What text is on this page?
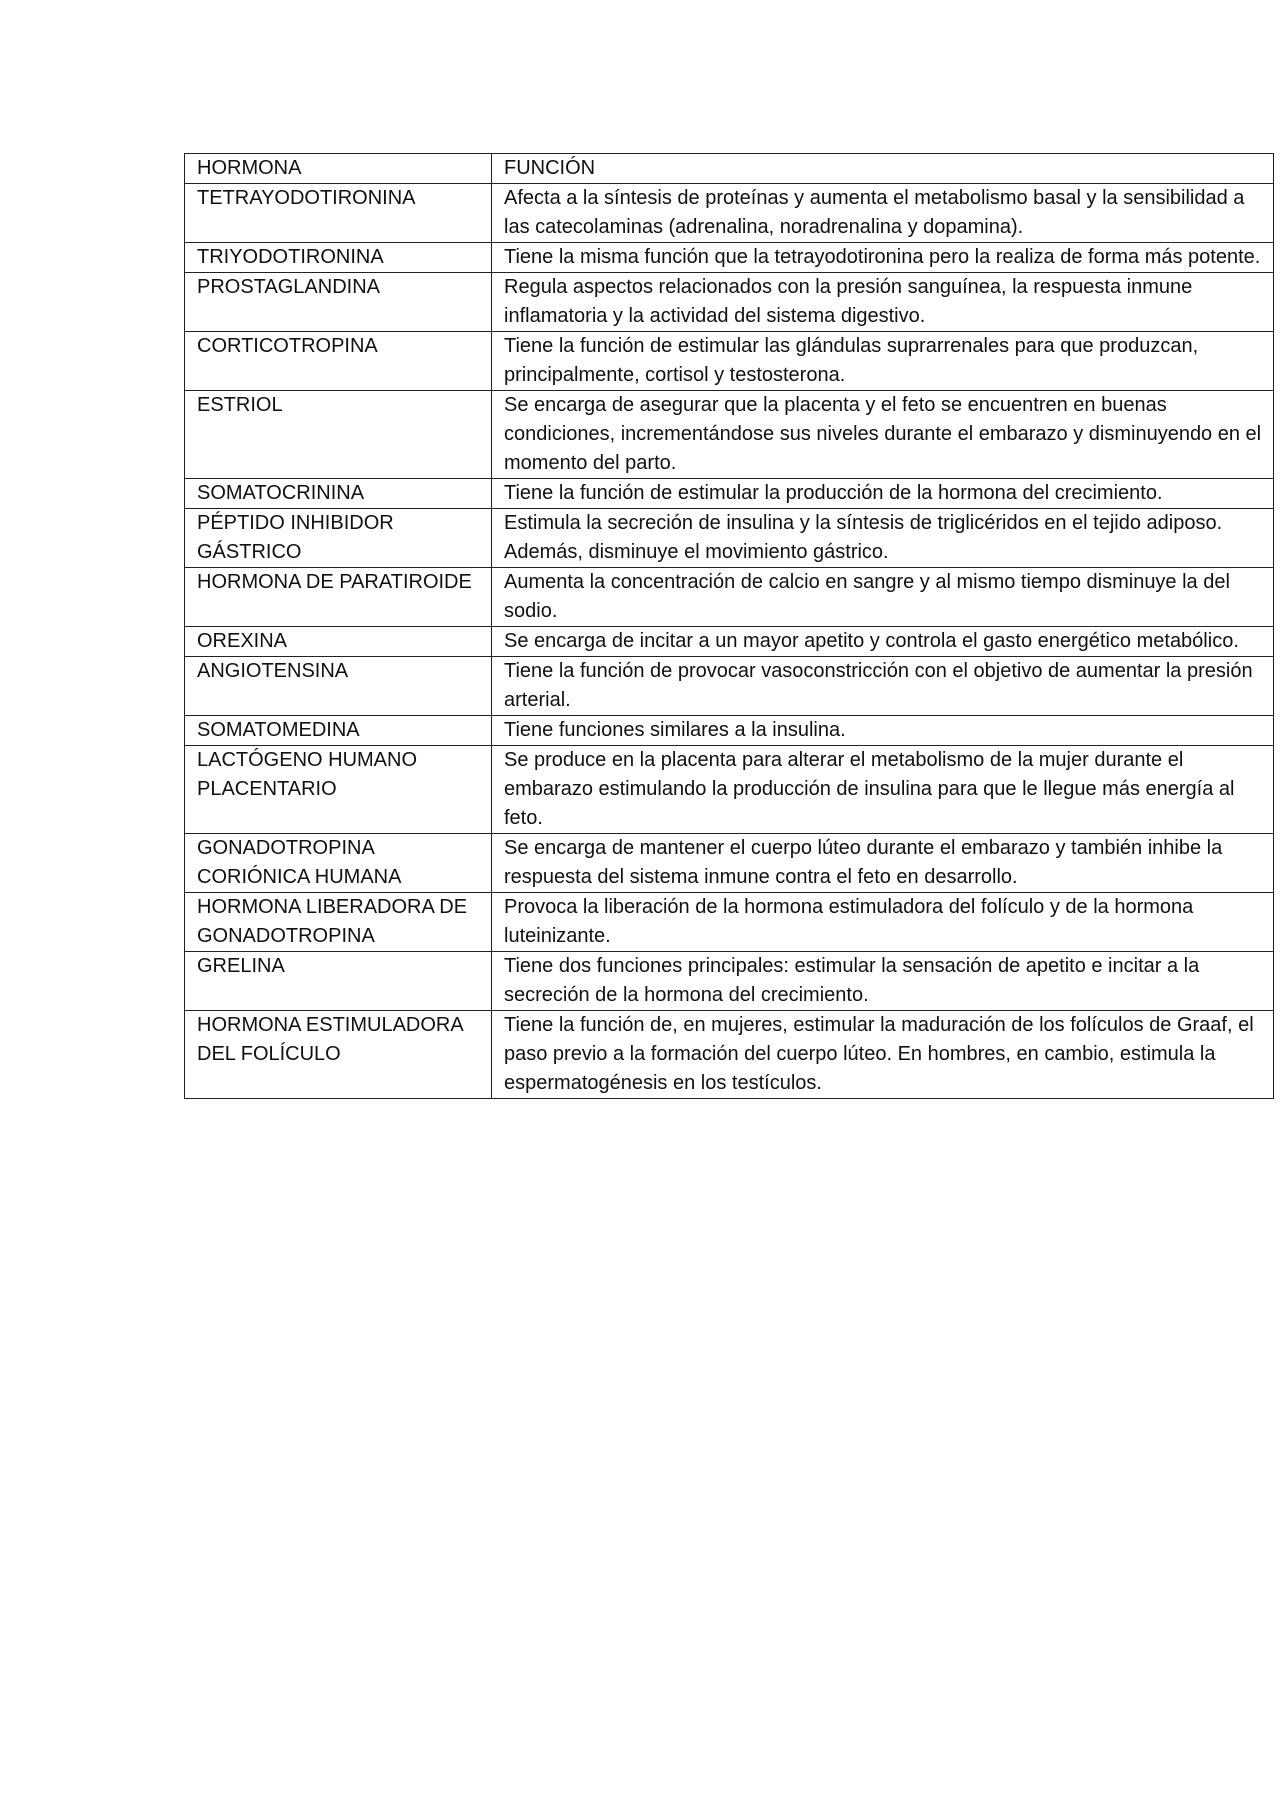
HORMONA	FUNCIÓN
TETRAYODOTIRONINA	Afecta a la síntesis de proteínas y aumenta el metabolismo basal y la sensibilidad a las catecolaminas (adrenalina, noradrenalina y dopamina).
TRIYODOTIRONINA	Tiene la misma función que la tetrayodotironina pero la realiza de forma más potente.
PROSTAGLANDINA	Regula aspectos relacionados con la presión sanguínea, la respuesta inmune inflamatoria y la actividad del sistema digestivo.
CORTICOTROPINA	Tiene la función de estimular las glándulas suprarrenales para que produzcan, principalmente, cortisol y testosterona.
ESTRIOL	Se encarga de asegurar que la placenta y el feto se encuentren en buenas condiciones, incrementándose sus niveles durante el embarazo y disminuyendo en el momento del parto.
SOMATOCRININA	Tiene la función de estimular la producción de la hormona del crecimiento.
PÉPTIDO INHIBIDOR GÁSTRICO	Estimula la secreción de insulina y la síntesis de triglicéridos en el tejido adiposo. Además, disminuye el movimiento gástrico.
HORMONA DE PARATIROIDE	Aumenta la concentración de calcio en sangre y al mismo tiempo disminuye la del sodio.
OREXINA	Se encarga de incitar a un mayor apetito y controla el gasto energético metabólico.
ANGIOTENSINA	Tiene la función de provocar vasoconstricción con el objetivo de aumentar la presión arterial.
SOMATOMEDINA	Tiene funciones similares a la insulina.
LACTÓGENO HUMANO PLACENTARIO	Se produce en la placenta para alterar el metabolismo de la mujer durante el embarazo estimulando la producción de insulina para que le llegue más energía al feto.
GONADOTROPINA CORIÓNICA HUMANA	Se encarga de mantener el cuerpo lúteo durante el embarazo y también inhibe la respuesta del sistema inmune contra el feto en desarrollo.
HORMONA LIBERADORA DE GONADOTROPINA	Provoca la liberación de la hormona estimuladora del folículo y de la hormona luteinizante.
GRELINA	Tiene dos funciones principales: estimular la sensación de apetito e incitar a la secreción de la hormona del crecimiento.
HORMONA ESTIMULADORA DEL FOLÍCULO	Tiene la función de, en mujeres, estimular la maduración de los folículos de Graaf, el paso previo a la formación del cuerpo lúteo. En hombres, en cambio, estimula la espermatogénesis en los testículos.
